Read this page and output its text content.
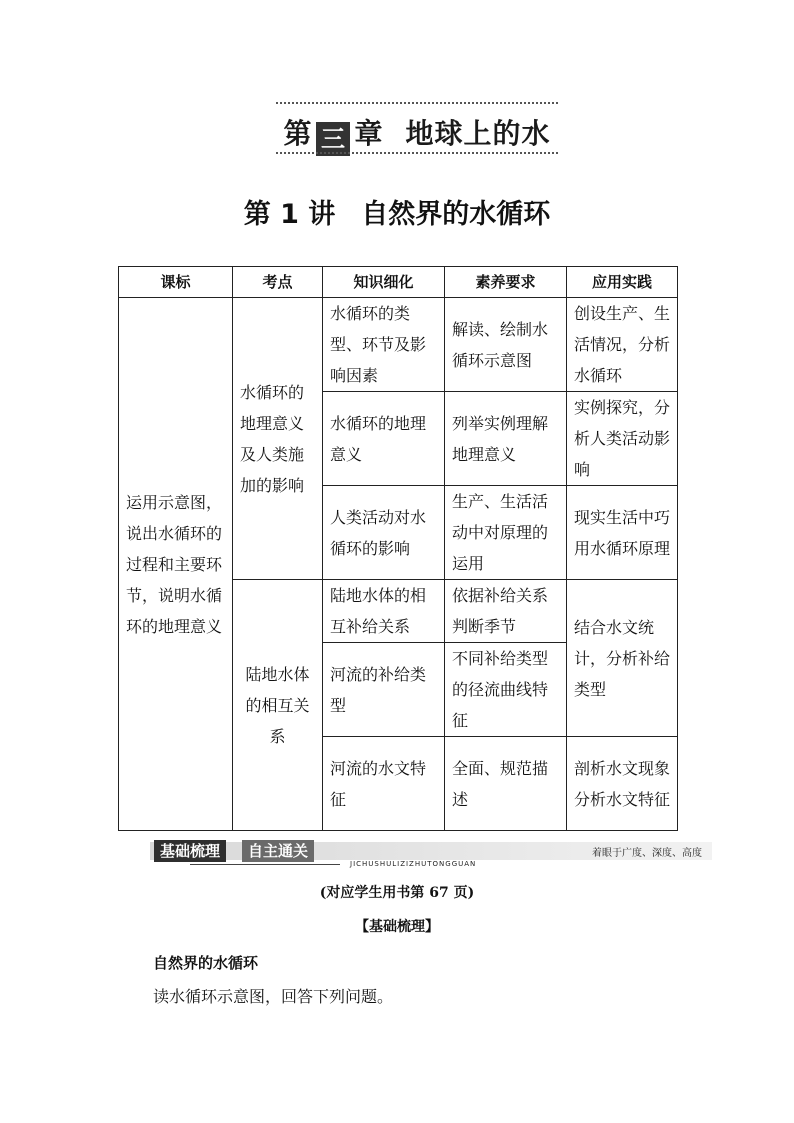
第 三 章 地球上的水
第 1 讲 自然界的水循环
课标	考点	知识细化	素养要求	应用实践
运用示意图，说出水循环的过程和主要环节，说明水循环的地理意义	水循环的地理意义及人类施加的影响	水循环的类型、环节及影响因素	解读、绘制水循环示意图	创设生产、生活情况，分析水循环
		水循环的地理意义	列举实例理解地理意义	实例探究，分析人类活动影响
		人类活动对水循环的影响	生产、生活活动中对原理的运用	现实生活中巧用水循环原理
	陆地水体的相互关系	陆地水体的相互补给关系	依据补给关系判断季节	结合水文统计，分析补给类型
		河流的补给类型	不同补给类型的径流曲线特征	
		河流的水文特征	全面、规范描述	剖析水文现象分析水文特征
基础梳理	自主通关
JICHUSHULIZIZHUTONGGUAN
着眼于广度、深度、高度
(对应学生用书第 67 页)
【基础梳理】
自然界的水循环
读水循环示意图，回答下列问题。
